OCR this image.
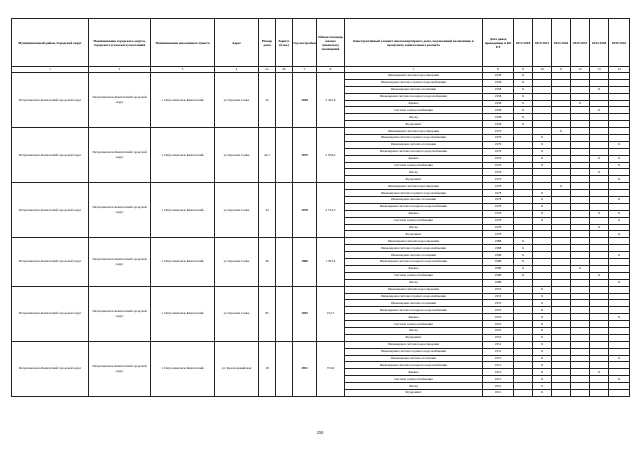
Муниципальный район, Городской округ	Наименование городского округа, городского (сельского) поселения	Наименование населенного пункта	Адрес	Номер дома	Корпус (блок)	Год постройки	Общая площадь жилых (нежилых) помещений	Конструктивный элемент многоквартирного дома, подлежащий включению в программу капитального ремонта	Дата даное проведенны в КР ЕЭ	2014 2018	2019 2021	2024 2026	2029 2033	2034 2038	2039 2043
1	2	3	4	4а	4б	5	6	7	8	9	10	11	12	13	14
Петропавловск-Камчатский городской округ	Петропавловск-Камчатский городской округ	г. Петропавловск-Камчатский	ул. Красная Сопка	42		1958	2 432,6	Инженерная система водоотведения	1958	X					
								Инженерная система горячего водоснабжения	1958	X					
								Инженерная система отопления	1958	X				X	
								Инженерная система холодного водоснабжения	1958	X					
								Крыша	1958	X			X		
								Система электроснабжения	1958	X				X	
								Фасад	1958	X					
								Фундамент	1958	X					
Петропавловск-Камчатский городской округ	Петропавловск-Камчатский городской округ	г. Петропавловск-Камчатский	ул. Красная Сопка	42/1		1979	2 678,2	Инженерная система водоотведения	1979			X			
								Инженерная система горячего водоснабжения	1979		X				
								Инженерная система отопления	1979		X				X
								Инженерная система холодного водоснабжения	1979		X				
								Крыша	1979		X			X	X
								Система электроснабжения	1979		X				X
								Фасад	1979					X	
								Фундамент	1979						X
Петропавловск-Камчатский городской округ	Петропавловск-Камчатский городской округ	г. Петропавловск-Камчатский	ул. Красная Сопка	44		1978	2 722,3	Инженерная система водоотведения	1978			X			
								Инженерная система горячего водоснабжения	1978		X				
								Инженерная система отопления	1978		X				X
								Инженерная система холодного водоснабжения	1978		X				
								Крыша	1978		X			X	X
								Система электроснабжения	1978		X				X
								Фасад	1978					X	
								Фундамент	1978						X
Петропавловск-Камчатский городской округ	Петропавловск-Камчатский городской округ	г. Петропавловск-Камчатский	ул. Красная Сопка	46		1988	1 303,4	Инженерная система водоотведения	1988	X					
								Инженерная система горячего водоснабжения	1988	X					
								Инженерная система отопления	1988	X					X
								Инженерная система холодного водоснабжения	1988	X					
								Крыша	1988	X			X		
								Система электроснабжения	1988	X				X	
								Фасад	1988						X
Петропавловск-Камчатский городской округ	Петропавловск-Камчатский городской округ	г. Петропавловск-Камчатский	ул. Красная Сопка	85		1955	152,7	Инженерная система водоотведения	1955		X				
								Инженерная система горячего водоснабжения	1955		X				
								Инженерная система отопления	1955		X				
								Инженерная система холодного водоснабжения	1955		X				
								Крыша	1955		X				X
								Система электроснабжения	1955		X				
								Фасад	1955		X				
								Фундамент	1955		X				
Петропавловск-Камчатский городской округ	Петропавловск-Камчатский городской округ	г. Петропавловск-Камчатский	ул. Красноармейская	18		1951	733,0	Инженерная система водоотведения	1951		X				
								Инженерная система горячего водоснабжения	1951		X				
								Инженерная система отопления	1951		X				X
								Инженерная система холодного водоснабжения	1951		X				
								Крыша	1951		X			X	
								Система электроснабжения	1951		X				X
								Фасад	1951		X				
								Фундамент	1951		X				
250
